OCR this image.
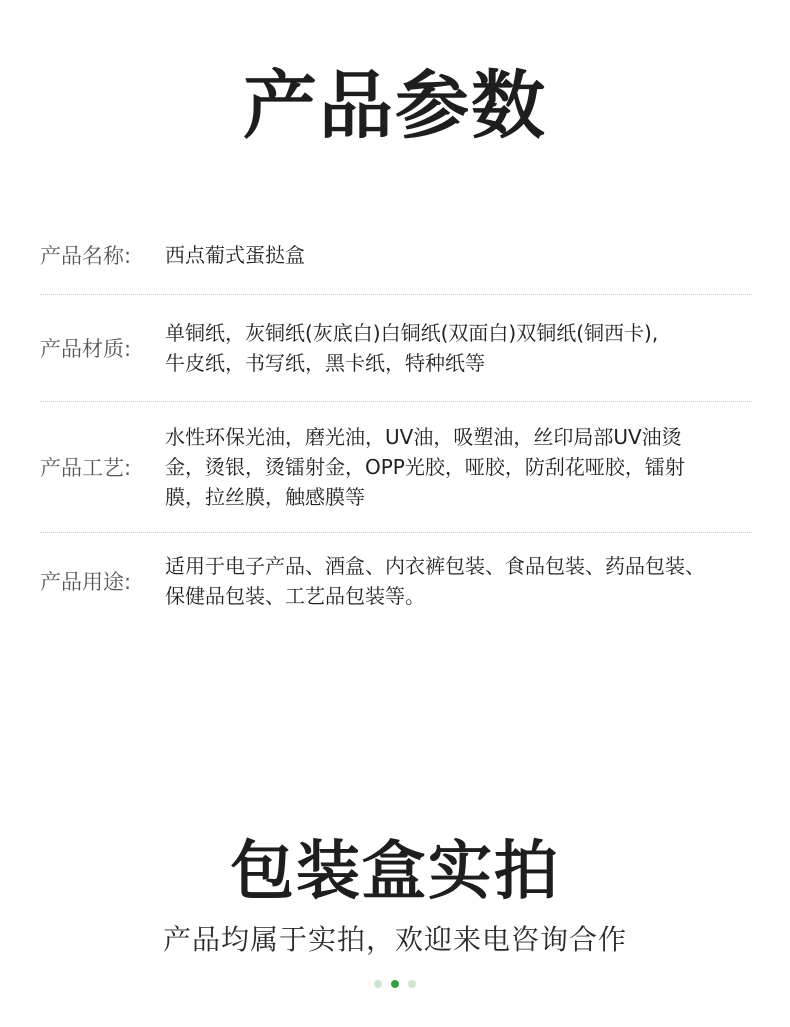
产品参数
产品名称:	西点葡式蛋挞盒
产品材质:
单铜纸，灰铜纸(灰底白)白铜纸(双面白)双铜纸(铜西卡),
牛皮纸，书写纸，黑卡纸，特种纸等
产品工艺:
水性环保光油，磨光油，UV油，吸塑油，丝印局部UV油烫
金，烫银，烫镭射金，OPP光胶，哑胶，防刮花哑胶，镭射
膜，拉丝膜，触感膜等
产品用途:
适用于电子产品、酒盒、内衣裤包装、食品包装、药品包装、
保健品包装、工艺品包装等。
包装盒实拍
产品均属于实拍，欢迎来电咨询合作
